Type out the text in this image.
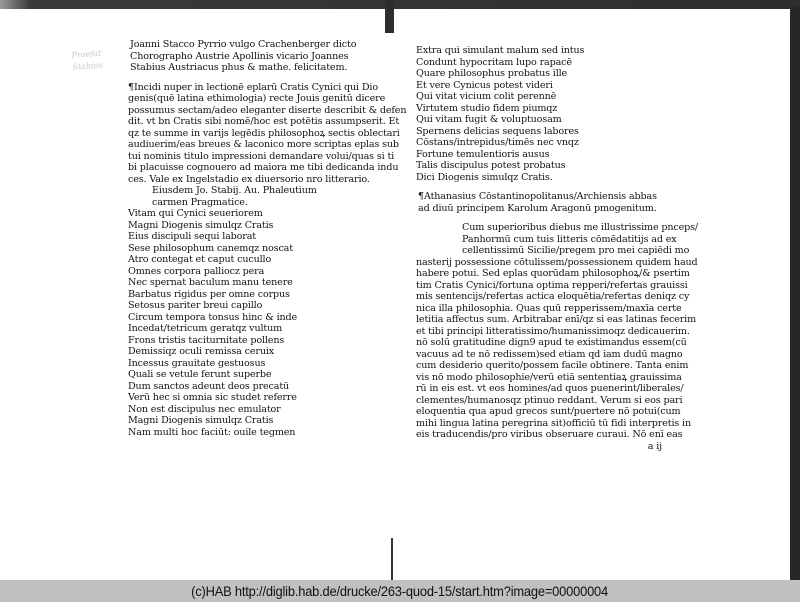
Praefat
Stabius
Joanni Stacco Pyrrio vulgo Crachenberger dicto
Chorographo Austrie Apollinis vicario Joannes
Stabius Austriacus phus & mathe. felicitatem.
¶Incidi nuper in lectionē eplarū Cratis Cynici qui Dio
genis(quē latina ethimologia) recte Jouis genitū dicere
possumus sectam/adeo eleganter diserte describit & defen
dit. vt bn Cratis sibi nomē/hoc est potētis assumpserit. Et
qz te summe in varijs legēdis philosophoꝝ sectis oblectari
audiuerim/eas breues & laconico more scriptas eplas sub
tui nominis titulo impressioni demandare volui/quas si ti
bi placuisse cognouero ad maiora me tibi dedicanda indu
ces. Vale ex Ingelstadio ex diuersorio nro litterario.
Eiusdem Jo. Stabij. Au. Phaleutium
carmen Pragmatice.
Vitam qui Cynici seueriorem
Magni Diogenis simulqz Cratis
Eius discipuli sequi laborat
Sese philosophum canemqz noscat
Atro contegat et caput cucullo
Omnes corpora palliocz pera
Nec spernat baculum manu tenere
Barbatus rigidus per omne corpus
Setosus pariter breui capillo
Circum tempora tonsus hinc & inde
Incedat/tetricum geratqz vultum
Frons tristis taciturnitate pollens
Demissiqz oculi remissa ceruix
Incessus grauitate gestuosus
Quali se vetule ferunt superbe
Dum sanctos adeunt deos precatū
Verū hec si omnia sic studet referre
Non est discipulus nec emulator
Magni Diogenis simulqz Cratis
Nam multi hoc faciūt: ouile tegmen
Extra qui simulant malum sed intus
Condunt hypocritam lupo rapacē
Quare philosophus probatus ille
Et vere Cynicus potest videri
Qui vitat vicium colit perennē
Virtutem studio fidem piumqz
Qui vitam fugit & voluptuosam
Spernens delicias sequens labores
Cōstans/intrepidus/timēs nec vnqz
Fortune temulentioris ausus
Talis discipulus potest probatus
Dici Diogenis simulqz Cratis.
¶Athanasius Cōstantinopolitanus/Archiensis abbas
ad diuū principem Karolum Aragonū pmogenitum.
Cum superioribus diebus me illustrissime pnceps/
Panhormū cum tuis litteris cōmēdatitijs ad ex
cellentissimū Sicilie/pregem pro mei capiēdi mo
nasterij possessione cōtulissem/possessionem quidem haud
habere potui. Sed eplas quorūdam philosophoꝝ/& psertim
tim Cratis Cynici/fortuna optima repperi/refertas grauissi
mis sentencijs/refertas actica eloquētia/refertas deniqz cy
nica illa philosophia. Quas quū repperissem/maxīa certe
letitia affectus sum. Arbitrabar enī/qz si eas latinas fecerim
et tibi principi litteratissimo/humanissimoqz dedicauerim.
nō solū gratitudine dign9 apud te existimandus essem(cū
vacuus ad te nō redissem)sed etiam qd iam dudū magno
cum desiderio querito/possem facile obtinere. Tanta enim
vis nō modo philosophie/verū etiā sententiaꝝ grauissima
rū in eis est. vt eos homines/ad quos puenerint/liberales/
clementes/humanosqz ptinuo reddant. Verum si eos pari
eloquentia qua apud grecos sunt/puertere nō potui(cum
mihi lingua latina peregrina sit)officiū tū fidi interpretis in
eis traducendis/pro viribus obseruare curaui. Nō enī eas
a ij
(c)HAB http://diglib.hab.de/drucke/263-quod-15/start.htm?image=00000004
